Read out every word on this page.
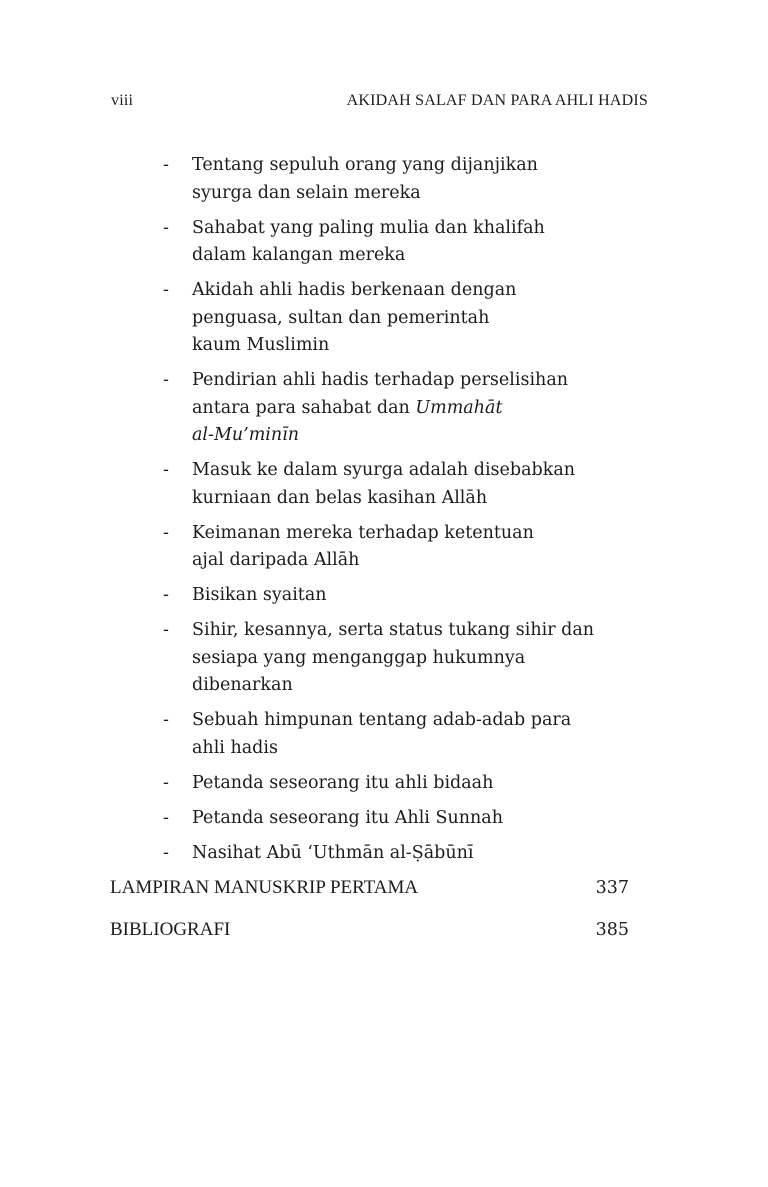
viii	AKIDAH SALAF DAN PARA AHLI HADIS
- Tentang sepuluh orang yang dijanjikan
syurga dan selain mereka
- Sahabat yang paling mulia dan khalifah
dalam kalangan mereka
- Akidah ahli hadis berkenaan dengan
penguasa, sultan dan pemerintah
kaum Muslimin
- Pendirian ahli hadis terhadap perselisihan
antara para sahabat dan Ummahāt
al-Mu’minīn
- Masuk ke dalam syurga adalah disebabkan
kurniaan dan belas kasihan Allāh
- Keimanan mereka terhadap ketentuan
ajal daripada Allāh
- Bisikan syaitan
- Sihir, kesannya, serta status tukang sihir dan
sesiapa yang menganggap hukumnya
dibenarkan
- Sebuah himpunan tentang adab-adab para
ahli hadis
- Petanda seseorang itu ahli bidaah
- Petanda seseorang itu Ahli Sunnah
- Nasihat Abū ‘Uthmān al-Ṣābūnī
LAMPIRAN MANUSKRIP PERTAMA	337
BIBLIOGRAFI	385
